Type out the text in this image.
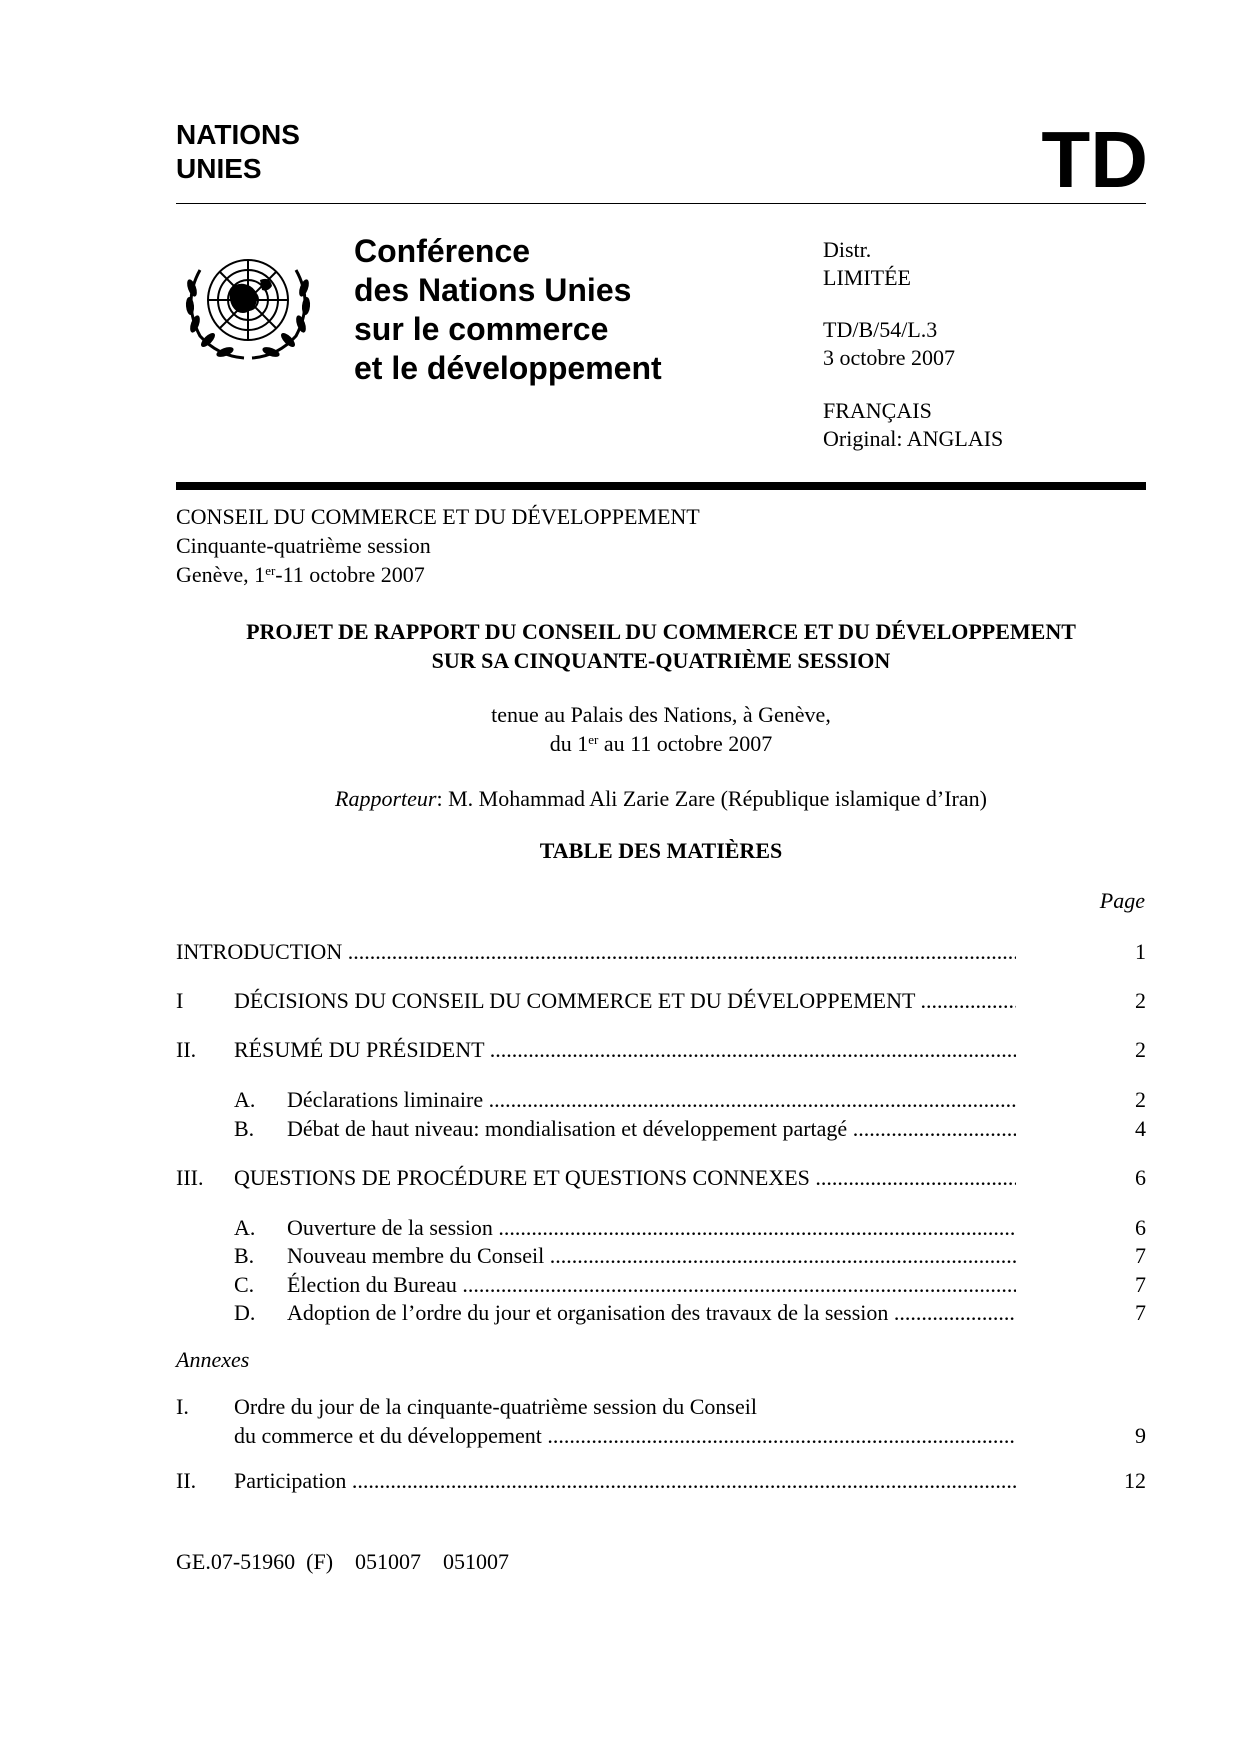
NATIONS
UNIES	TD
Conférence
des Nations Unies
sur le commerce
et le développement
Distr.
LIMITÉE
TD/B/54/L.3
3 octobre 2007
FRANÇAIS
Original: ANGLAIS
CONSEIL DU COMMERCE ET DU DÉVELOPPEMENT
Cinquante-quatrième session
Genève, 1er-11 octobre 2007
PROJET DE RAPPORT DU CONSEIL DU COMMERCE ET DU DÉVELOPPEMENT
SUR SA CINQUANTE-QUATRIÈME SESSION
tenue au Palais des Nations, à Genève,
du 1er au 11 octobre 2007
Rapporteur: M. Mohammad Ali Zarie Zare (République islamique d’Iran)
TABLE DES MATIÈRES
Page
INTRODUCTION .....	1
I DÉCISIONS DU CONSEIL DU COMMERCE ET DU DÉVELOPPEMENT .....	2
II. RÉSUMÉ DU PRÉSIDENT .....	2
A. Déclarations liminaire .....	2
B. Débat de haut niveau: mondialisation et développement partagé .....	4
III. QUESTIONS DE PROCÉDURE ET QUESTIONS CONNEXES .....	6
A. Ouverture de la session .....	6
B. Nouveau membre du Conseil .....	7
C. Élection du Bureau .....	7
D. Adoption de l’ordre du jour et organisation des travaux de la session .....	7
Annexes
I. Ordre du jour de la cinquante-quatrième session du Conseil
du commerce et du développement .....	9
II. Participation .....	12
GE.07-51960  (F)    051007    051007
